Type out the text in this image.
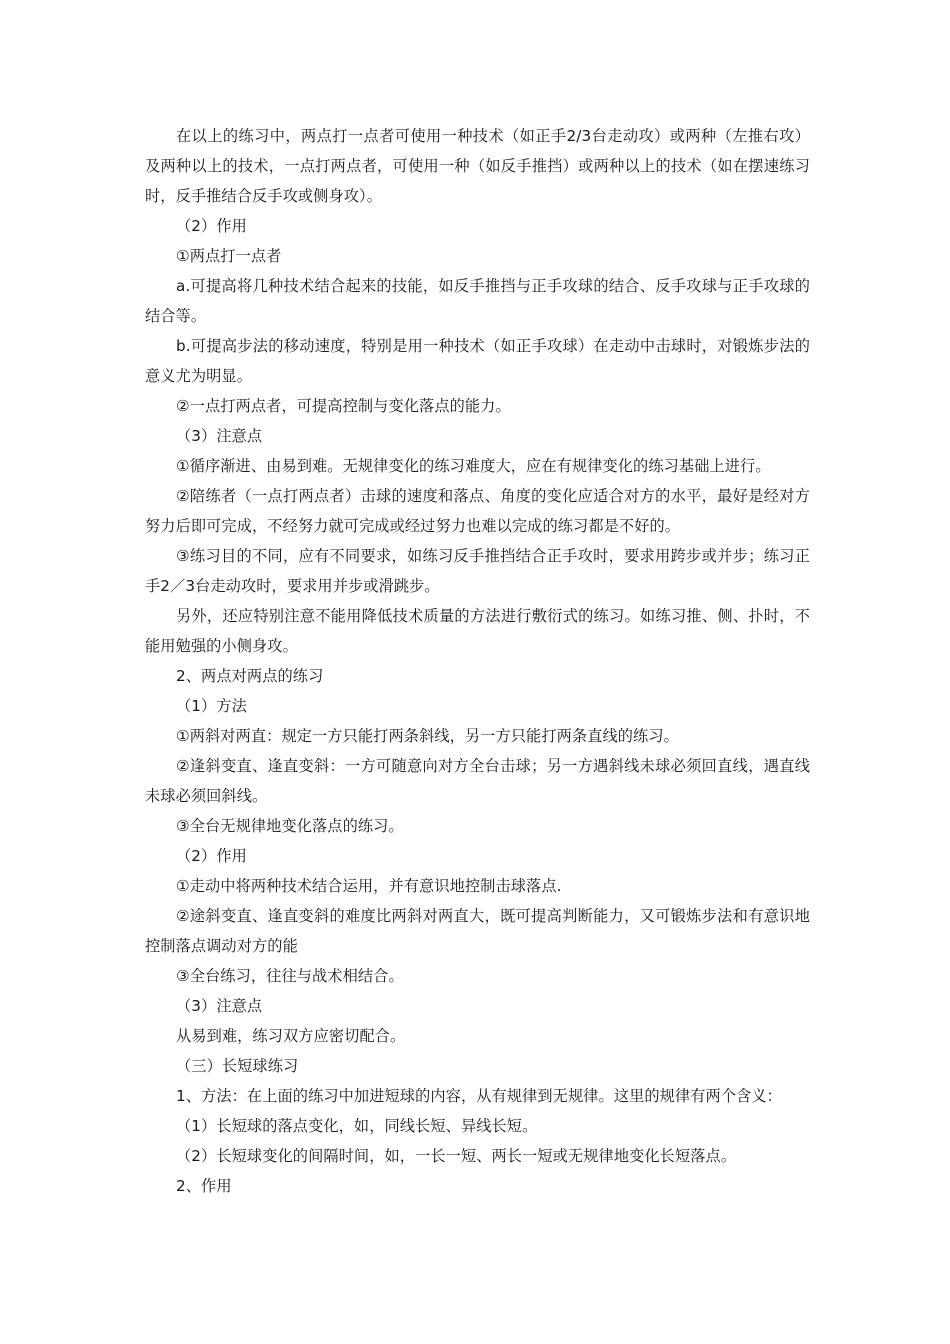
在以上的练习中，两点打一点者可使用一种技术（如正手2/3台走动攻）或两种（左推右攻）及两种以上的技术，一点打两点者，可使用一种（如反手推挡）或两种以上的技术（如在摆速练习时，反手推结合反手攻或侧身攻）。

（2）作用

①两点打一点者

a.可提高将几种技术结合起来的技能，如反手推挡与正手攻球的结合、反手攻球与正手攻球的结合等。

b.可提高步法的移动速度，特别是用一种技术（如正手攻球）在走动中击球时，对锻炼步法的意义尤为明显。

②一点打两点者，可提高控制与变化落点的能力。

（3）注意点

①循序渐进、由易到难。无规律变化的练习难度大，应在有规律变化的练习基础上进行。

②陪练者（一点打两点者）击球的速度和落点、角度的变化应适合对方的水平，最好是经对方努力后即可完成，不经努力就可完成或经过努力也难以完成的练习都是不好的。

③练习目的不同，应有不同要求，如练习反手推挡结合正手攻时，要求用跨步或并步；练习正手2／3台走动攻时，要求用并步或滑跳步。

另外，还应特别注意不能用降低技术质量的方法进行敷衍式的练习。如练习推、侧、扑时，不能用勉强的小侧身攻。

2、两点对两点的练习

（1）方法

①两斜对两直：规定一方只能打两条斜线，另一方只能打两条直线的练习。

②逢斜变直、逢直变斜：一方可随意向对方全台击球；另一方遇斜线未球必须回直线，遇直线未球必须回斜线。

③全台无规律地变化落点的练习。

（2）作用

①走动中将两种技术结合运用，并有意识地控制击球落点.

②途斜变直、逢直变斜的难度比两斜对两直大，既可提高判断能力，又可锻炼步法和有意识地控制落点调动对方的能

③全台练习，往往与战术相结合。

（3）注意点

从易到难，练习双方应密切配合。

（三）长短球练习

1、方法：在上面的练习中加进短球的内容，从有规律到无规律。这里的规律有两个含义：

（1）长短球的落点变化，如，同线长短、异线长短。

（2）长短球变化的间隔时间，如，一长一短、两长一短或无规律地变化长短落点。

2、作用
